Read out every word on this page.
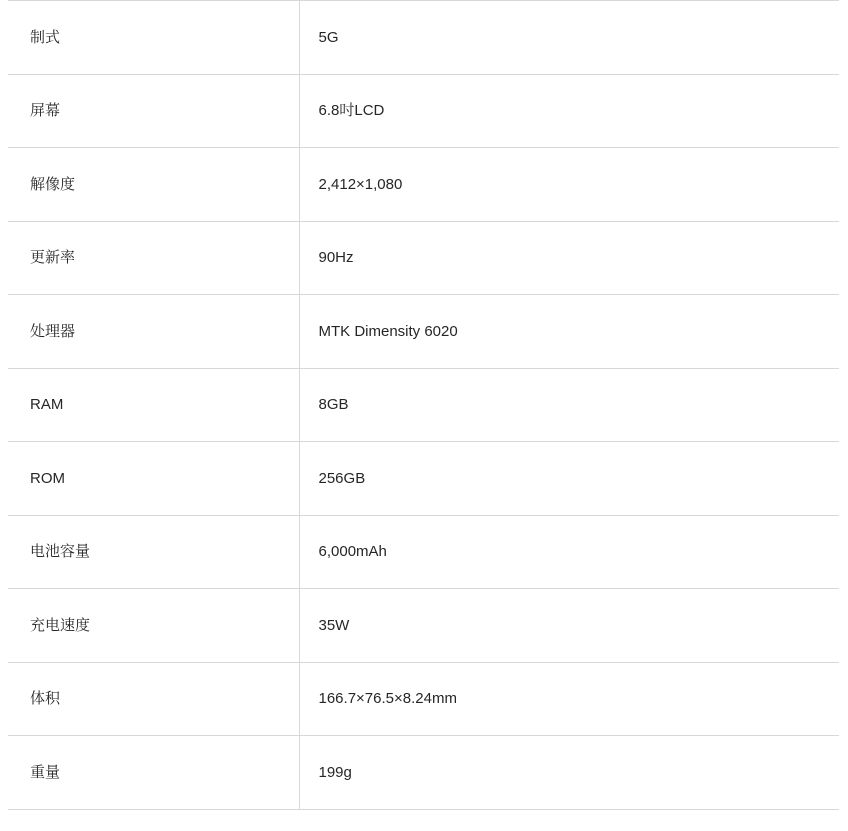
制式	5G
屏幕	6.8吋LCD
解像度	2,412×1,080
更新率	90Hz
处理器	MTK Dimensity 6020
RAM	8GB
ROM	256GB
电池容量	6,000mAh
充电速度	35W
体积	166.7×76.5×8.24mm
重量	199g
